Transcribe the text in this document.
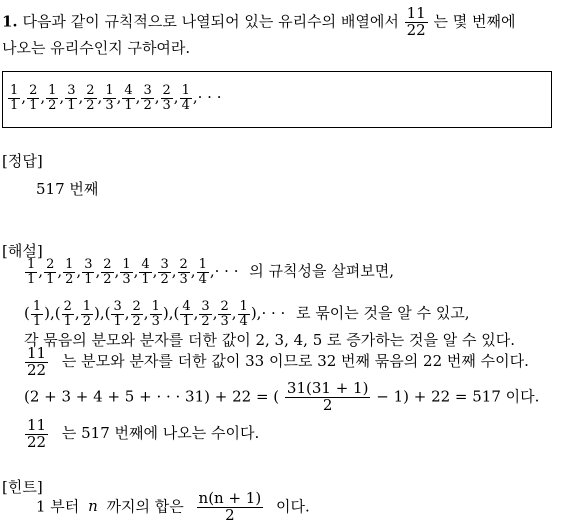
1. 다음과 같이 규칙적으로 나열되어 있는 유리수의 배열에서 $\frac{11}{22}$ 는 몇 번째에
나오는 유리수인지 구하여라.
$\frac{1}{1}$ , $\frac{2}{1}$ , $\frac{1}{2}$ , $\frac{3}{1}$ , $\frac{2}{2}$ , $\frac{1}{3}$ , $\frac{4}{1}$ , $\frac{3}{2}$ , $\frac{2}{3}$ , $\frac{1}{4}$ ,· · ·
[정답]
517 번째
[해설]
$\frac{1}{1}$ , $\frac{2}{1}$ , $\frac{1}{2}$ , $\frac{3}{1}$ , $\frac{2}{2}$ , $\frac{1}{3}$ , $\frac{4}{1}$ , $\frac{3}{2}$ , $\frac{2}{3}$ , $\frac{1}{4}$ ,· · · 의 규칙성을 살펴보면,
( $\frac{1}{1}$ ),( $\frac{2}{1}$ , $\frac{1}{2}$ ),( $\frac{3}{1}$ , $\frac{2}{2}$ , $\frac{1}{3}$ ),( $\frac{4}{1}$ , $\frac{3}{2}$ , $\frac{2}{3}$ , $\frac{1}{4}$ ),· · · 로 묶이는 것을 알 수 있고,
각 묶음의 분모와 분자를 더한 값이 2, 3, 4, 5 로 증가하는 것을 알 수 있다.
$\frac{11}{22}$ 는 분모와 분자를 더한 값이 33 이므로 32 번째 묶음의 22 번째 수이다.
(2 + 3 + 4 + 5 + · · · 31) + 22 = ( $\frac{31(31 + 1)}{2} - 1) + 22 = 517$ 이다.
$\frac{11}{22}$ 는 517 번째에 나오는 수이다.
[힌트]
1 부터 n 까지의 합은 $\frac{n(n + 1)}{2}$ 이다.
